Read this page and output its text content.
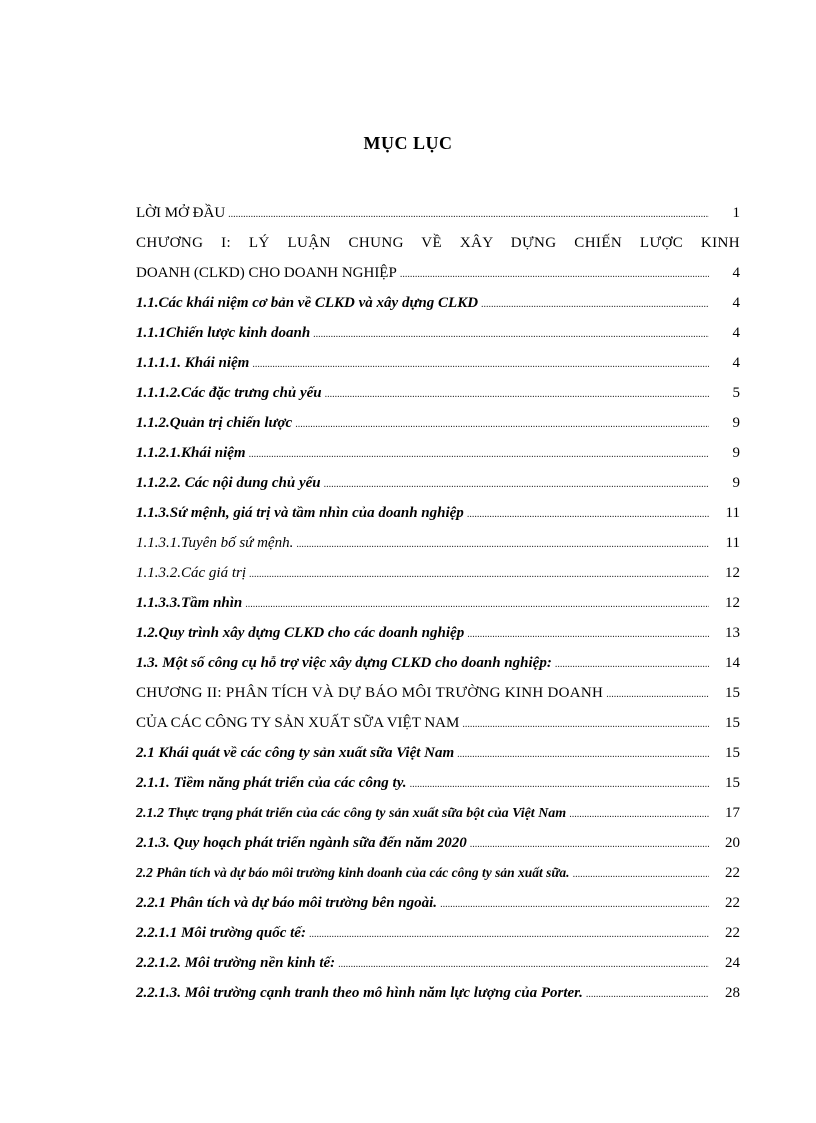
MỤC LỤC
LỜI MỞ ĐẦU .....	1
CHƯƠNG I: LÝ LUẬN CHUNG VỀ XÂY DỰNG CHIẾN LƯỢC KINH
DOANH (CLKD) CHO DOANH NGHIỆP .....	4
1.1.Các khái niệm cơ bản về CLKD và xây dựng CLKD .....	4
1.1.1Chiến lược kinh doanh .....	4
1.1.1.1. Khái niệm .....	4
1.1.1.2.Các đặc trưng chủ yếu .....	5
1.1.2.Quản trị chiến lược .....	9
1.1.2.1.Khái niệm .....	9
1.1.2.2. Các nội dung chủ yếu .....	9
1.1.3.Sứ mệnh, giá trị và tầm nhìn của doanh nghiệp .....	11
1.1.3.1.Tuyên bố sứ mệnh. .....	11
1.1.3.2.Các giá trị .....	12
1.1.3.3.Tầm nhìn .....	12
1.2.Quy trình xây dựng CLKD cho các doanh nghiệp .....	13
1.3. Một số công cụ hỗ trợ việc xây dựng CLKD cho doanh nghiệp: .....	14
CHƯƠNG II: PHÂN TÍCH VÀ DỰ BÁO MÔI TRƯỜNG KINH DOANH .....	15
CỦA CÁC CÔNG TY SẢN XUẤT SỮA VIỆT NAM .....	15
2.1 Khái quát về các công ty sản xuất sữa Việt Nam .....	15
2.1.1. Tiềm năng phát triển của các công ty. .....	15
2.1.2 Thực trạng phát triển của các công ty sản xuất sữa bột của Việt Nam .....	17
2.1.3. Quy hoạch phát triển ngành sữa đến năm 2020 .....	20
2.2 Phân tích và dự báo môi trường kinh doanh của các công ty sản xuất sữa. .....	22
2.2.1 Phân tích và dự báo môi trường bên ngoài. .....	22
2.2.1.1 Môi trường quốc tế: .....	22
2.2.1.2. Môi trường nền kinh tế: .....	24
2.2.1.3. Môi trường cạnh tranh theo mô hình năm lực lượng của Porter. .....	28
